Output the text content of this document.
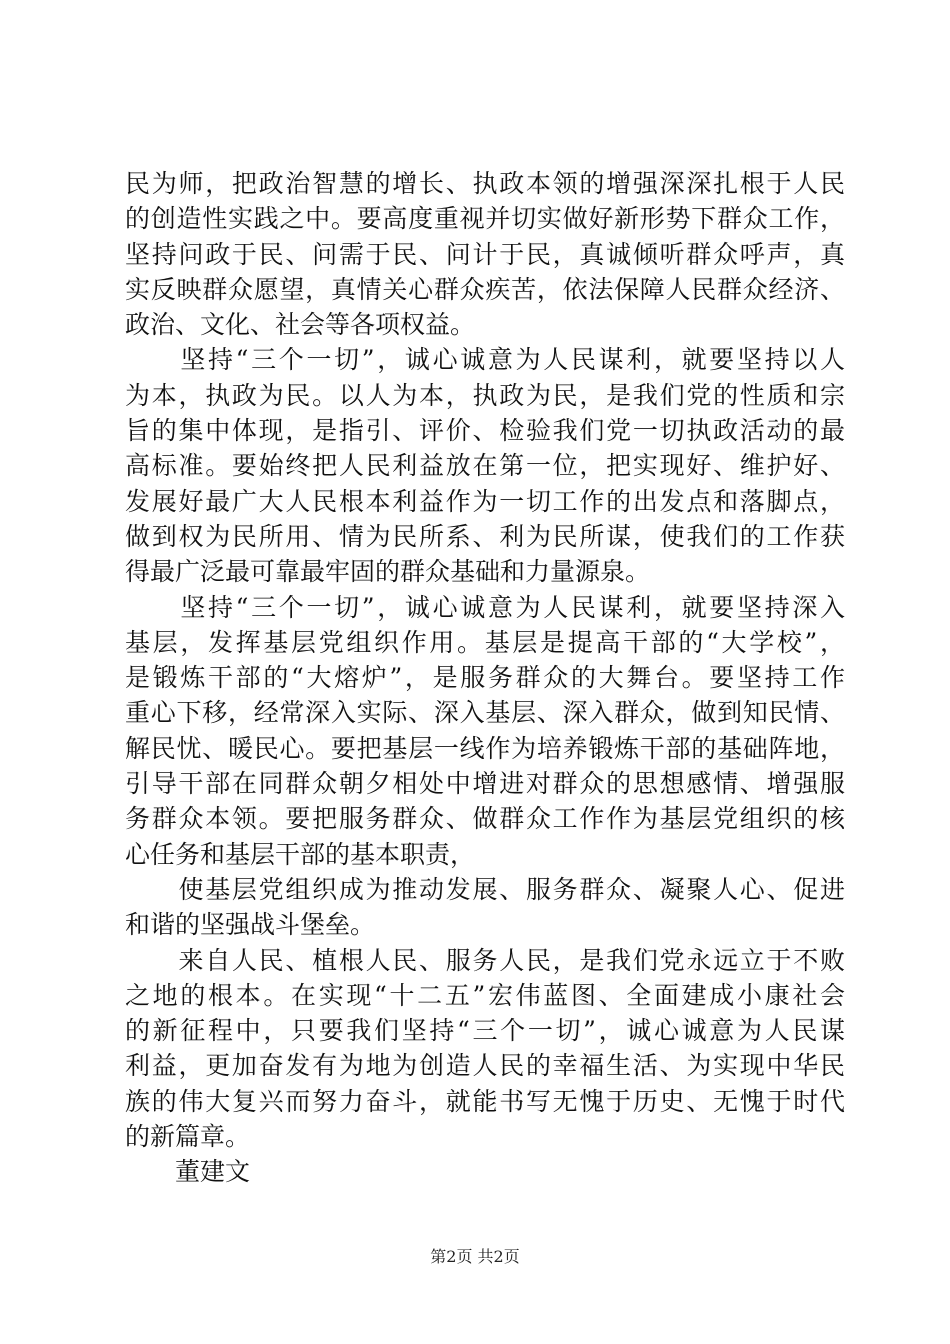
民为师，把政治智慧的增长、执政本领的增强深深扎根于人民
的创造性实践之中。要高度重视并切实做好新形势下群众工作，
坚持问政于民、问需于民、问计于民，真诚倾听群众呼声，真
实反映群众愿望，真情关心群众疾苦，依法保障人民群众经济、
政治、文化、社会等各项权益。
　　坚持“三个一切”，诚心诚意为人民谋利，就要坚持以人
为本，执政为民。以人为本，执政为民，是我们党的性质和宗
旨的集中体现，是指引、评价、检验我们党一切执政活动的最
高标准。要始终把人民利益放在第一位，把实现好、维护好、
发展好最广大人民根本利益作为一切工作的出发点和落脚点，
做到权为民所用、情为民所系、利为民所谋，使我们的工作获
得最广泛最可靠最牢固的群众基础和力量源泉。
　　坚持“三个一切”，诚心诚意为人民谋利，就要坚持深入
基层，发挥基层党组织作用。基层是提高干部的“大学校”，
是锻炼干部的“大熔炉”，是服务群众的大舞台。要坚持工作
重心下移，经常深入实际、深入基层、深入群众，做到知民情、
解民忧、暖民心。要把基层一线作为培养锻炼干部的基础阵地，
引导干部在同群众朝夕相处中增进对群众的思想感情、增强服
务群众本领。要把服务群众、做群众工作作为基层党组织的核
心任务和基层干部的基本职责，
　　使基层党组织成为推动发展、服务群众、凝聚人心、促进
和谐的坚强战斗堡垒。
　　来自人民、植根人民、服务人民，是我们党永远立于不败
之地的根本。在实现“十二五”宏伟蓝图、全面建成小康社会
的新征程中，只要我们坚持“三个一切”，诚心诚意为人民谋
利益，更加奋发有为地为创造人民的幸福生活、为实现中华民
族的伟大复兴而努力奋斗，就能书写无愧于历史、无愧于时代
的新篇章。
　　董建文
第2页 共2页
